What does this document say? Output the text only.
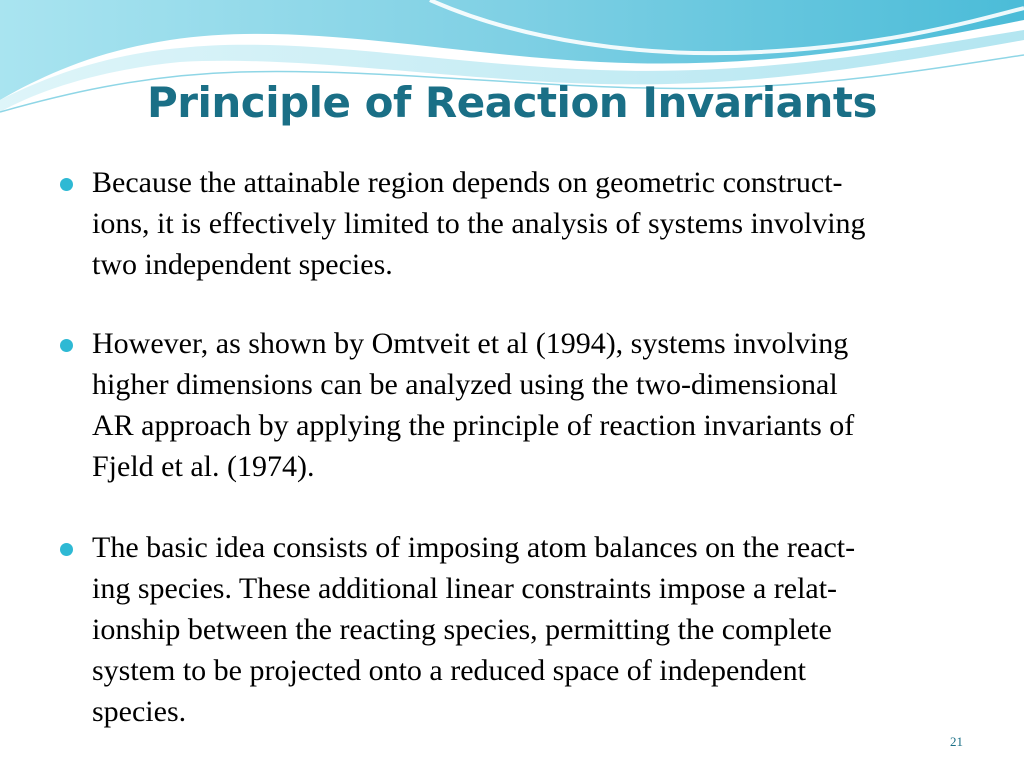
Principle of Reaction Invariants
Because the attainable region depends on geometric construct-
ions, it is effectively limited to the analysis of systems involving
two independent species.
However, as shown by Omtveit et al (1994), systems involving
higher dimensions can be analyzed using the two-dimensional
AR approach by applying the principle of reaction invariants of
Fjeld et al. (1974).
The basic idea consists of imposing atom balances on the react-
ing species. These additional linear constraints impose a relat-
ionship between the reacting species, permitting the complete
system to be projected onto a reduced space of independent
species.
21
